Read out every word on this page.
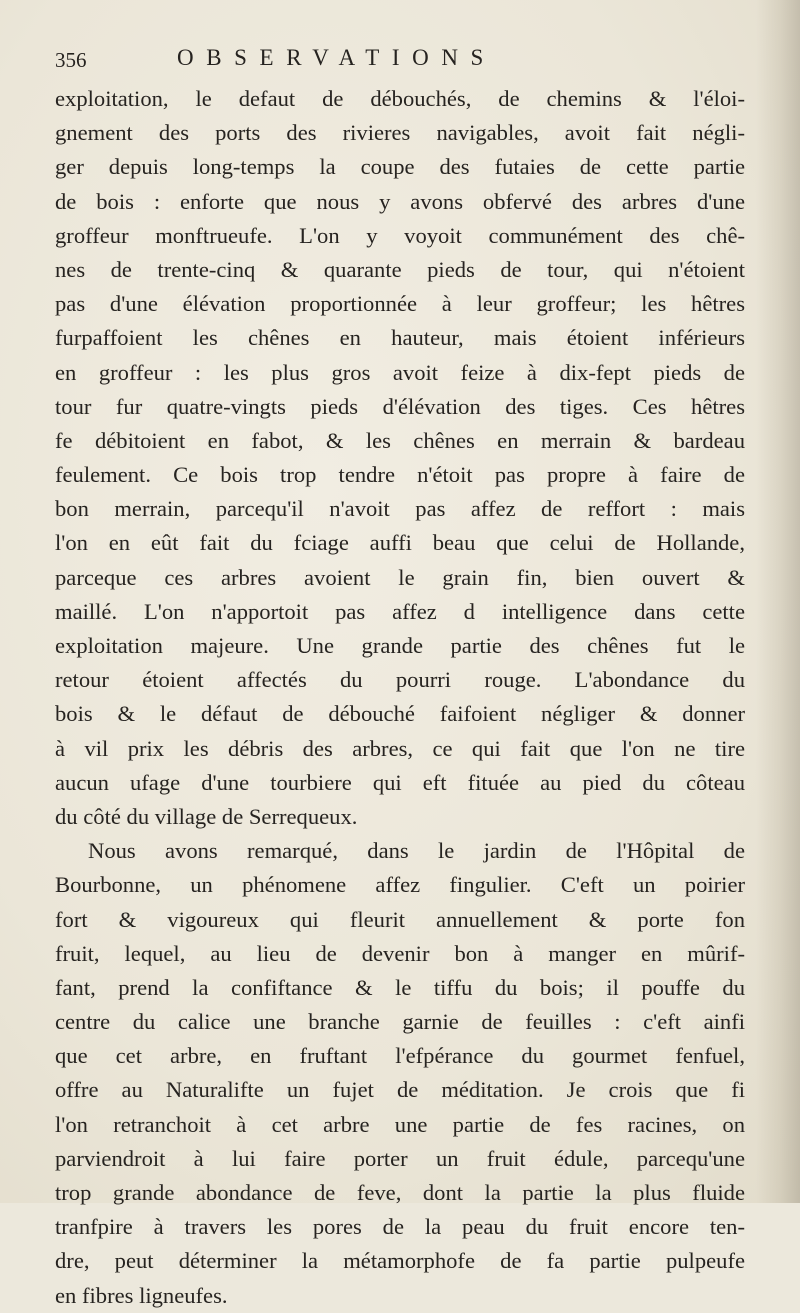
356	OBSERVATIONS
exploitation, le defaut de débouchés, de chemins & l'éloi-
gnement des ports des rivieres navigables, avoit fait négli-
ger depuis long-temps la coupe des futaies de cette partie
de bois : enforte que nous y avons obfervé des arbres d'une
groffeur monftrueufe. L'on y voyoit communément des chê-
nes de trente-cinq & quarante pieds de tour, qui n'étoient
pas d'une élévation proportionnée à leur groffeur; les hêtres
furpaffoient les chênes en hauteur, mais étoient inférieurs
en groffeur : les plus gros avoit feize à dix-fept pieds de
tour fur quatre-vingts pieds d'élévation des tiges. Ces hêtres
fe débitoient en fabot, & les chênes en merrain & bardeau
feulement. Ce bois trop tendre n'étoit pas propre à faire de
bon merrain, parcequ'il n'avoit pas affez de reffort : mais
l'on en eût fait du fciage auffi beau que celui de Hollande,
parceque ces arbres avoient le grain fin, bien ouvert &
maillé. L'on n'apportoit pas affez d intelligence dans cette
exploitation majeure. Une grande partie des chênes fut le
retour étoient affectés du pourri rouge. L'abondance du
bois & le défaut de débouché faifoient négliger & donner
à vil prix les débris des arbres, ce qui fait que l'on ne tire
aucun ufage d'une tourbiere qui eft fituée au pied du côteau
du côté du village de Serrequeux.
Nous avons remarqué, dans le jardin de l'Hôpital de
Bourbonne, un phénomene affez fingulier. C'eft un poirier
fort & vigoureux qui fleurit annuellement & porte fon
fruit, lequel, au lieu de devenir bon à manger en mûrif-
fant, prend la confiftance & le tiffu du bois; il pouffe du
centre du calice une branche garnie de feuilles : c'eft ainfi
que cet arbre, en fruftant l'efpérance du gourmet fenfuel,
offre au Naturalifte un fujet de méditation. Je crois que fi
l'on retranchoit à cet arbre une partie de fes racines, on
parviendroit à lui faire porter un fruit édule, parcequ'une
trop grande abondance de feve, dont la partie la plus fluide
tranfpire à travers les pores de la peau du fruit encore ten-
dre, peut déterminer la métamorphofe de fa partie pulpeufe
en fibres ligneufes.
